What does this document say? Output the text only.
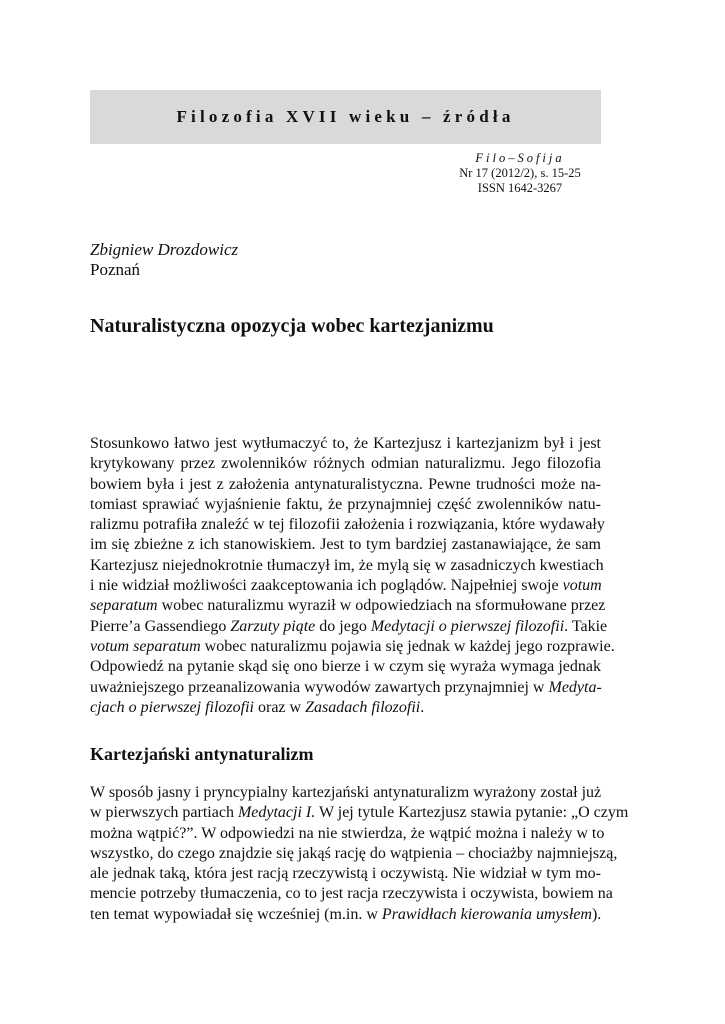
Filozofia XVII wieku – źródła
Filo–Sofija
Nr 17 (2012/2), s. 15-25
ISSN 1642-3267
Zbigniew Drozdowicz
Poznań
Naturalistyczna opozycja wobec kartezjanizmu

Stosunkowo łatwo jest wytłumaczyć to, że Kartezjusz i kartezjanizm był i jest

krytykowany przez zwolenników różnych odmian naturalizmu. Jego filozofia

bowiem była i jest z założenia antynaturalistyczna. Pewne trudności może na-

tomiast sprawiać wyjaśnienie faktu, że przynajmniej część zwolenników natu-

ralizmu potrafiła znaleźć w tej filozofii założenia i rozwiązania, które wydawały

im się zbieżne z ich stanowiskiem. Jest to tym bardziej zastanawiające, że sam

Kartezjusz niejednokrotnie tłumaczył im, że mylą się w zasadniczych kwestiach

i nie widział możliwości zaakceptowania ich poglądów. Najpełniej swoje votum

separatum wobec naturalizmu wyraził w odpowiedziach na sformułowane przez

Pierre’a Gassendiego Zarzuty piąte do jego Medytacji o pierwszej filozofii. Takie

votum separatum wobec naturalizmu pojawia się jednak w każdej jego rozprawie.

Odpowiedź na pytanie skąd się ono bierze i w czym się wyraża wymaga jednak

uważniejszego przeanalizowania wywodów zawartych przynajmniej w Medyta-

cjach o pierwszej filozofii oraz w Zasadach filozofii.

Kartezjański antynaturalizm

W sposób jasny i pryncypialny kartezjański antynaturalizm wyrażony został już

w pierwszych partiach Medytacji I. W jej tytule Kartezjusz stawia pytanie: „O czym

można wątpić?”. W odpowiedzi na nie stwierdza, że wątpić można i należy w to

wszystko, do czego znajdzie się jakąś rację do wątpienia – chociażby najmniejszą,

ale jednak taką, która jest racją rzeczywistą i oczywistą. Nie widział w tym mo-

mencie potrzeby tłumaczenia, co to jest racja rzeczywista i oczywista, bowiem na

ten temat wypowiadał się wcześniej (m.in. w Prawidłach kierowania umysłem).
